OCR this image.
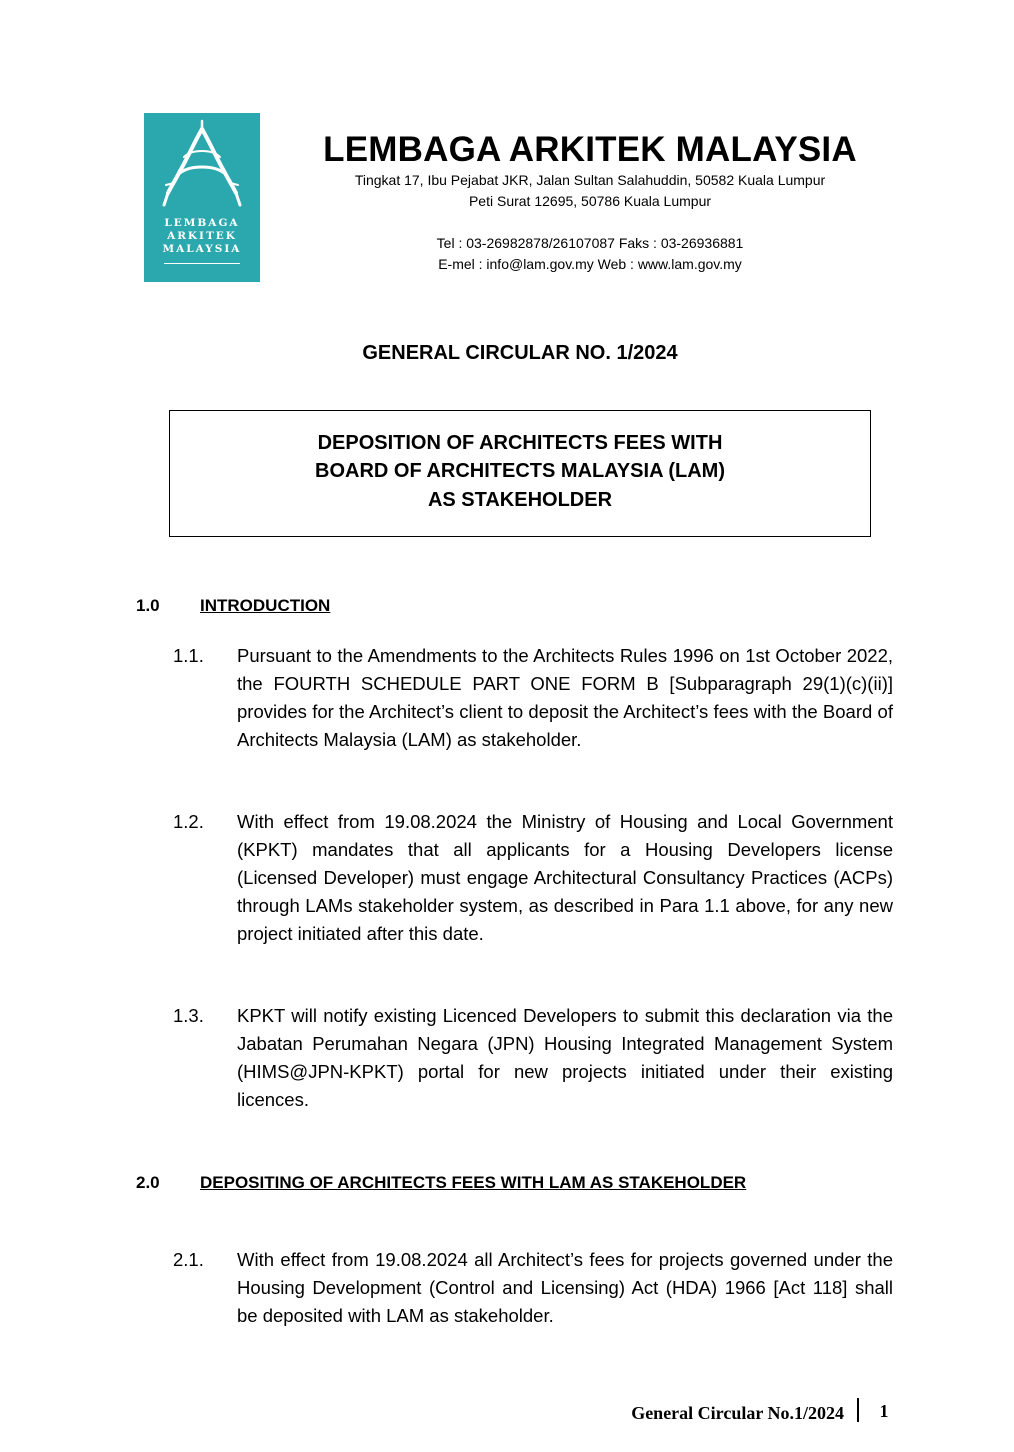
LEMBAGA
ARKITEK
MALAYSIA
LEMBAGA ARKITEK MALAYSIA
Tingkat 17, Ibu Pejabat JKR, Jalan Sultan Salahuddin, 50582 Kuala Lumpur
Peti Surat 12695, 50786 Kuala Lumpur
Tel : 03-26982878/26107087 Faks : 03-26936881
E-mel : info@lam.gov.my Web : www.lam.gov.my
GENERAL CIRCULAR NO. 1/2024
DEPOSITION OF ARCHITECTS FEES WITH
BOARD OF ARCHITECTS MALAYSIA (LAM)
AS STAKEHOLDER
1.0 INTRODUCTION
1.1. Pursuant to the Amendments to the Architects Rules 1996 on 1st October 2022, the FOURTH SCHEDULE PART ONE FORM B [Subparagraph 29(1)(c)(ii)] provides for the Architect’s client to deposit the Architect’s fees with the Board of Architects Malaysia (LAM) as stakeholder.
1.2. With effect from 19.08.2024 the Ministry of Housing and Local Government (KPKT) mandates that all applicants for a Housing Developers license (Licensed Developer) must engage Architectural Consultancy Practices (ACPs) through LAMs stakeholder system, as described in Para 1.1 above, for any new project initiated after this date.
1.3. KPKT will notify existing Licenced Developers to submit this declaration via the Jabatan Perumahan Negara (JPN) Housing Integrated Management System (HIMS@JPN-KPKT) portal for new projects initiated under their existing licences.
2.0 DEPOSITING OF ARCHITECTS FEES WITH LAM AS STAKEHOLDER
2.1. With effect from 19.08.2024 all Architect’s fees for projects governed under the Housing Development (Control and Licensing) Act (HDA) 1966 [Act 118] shall be deposited with LAM as stakeholder.
General Circular No.1/2024	1
